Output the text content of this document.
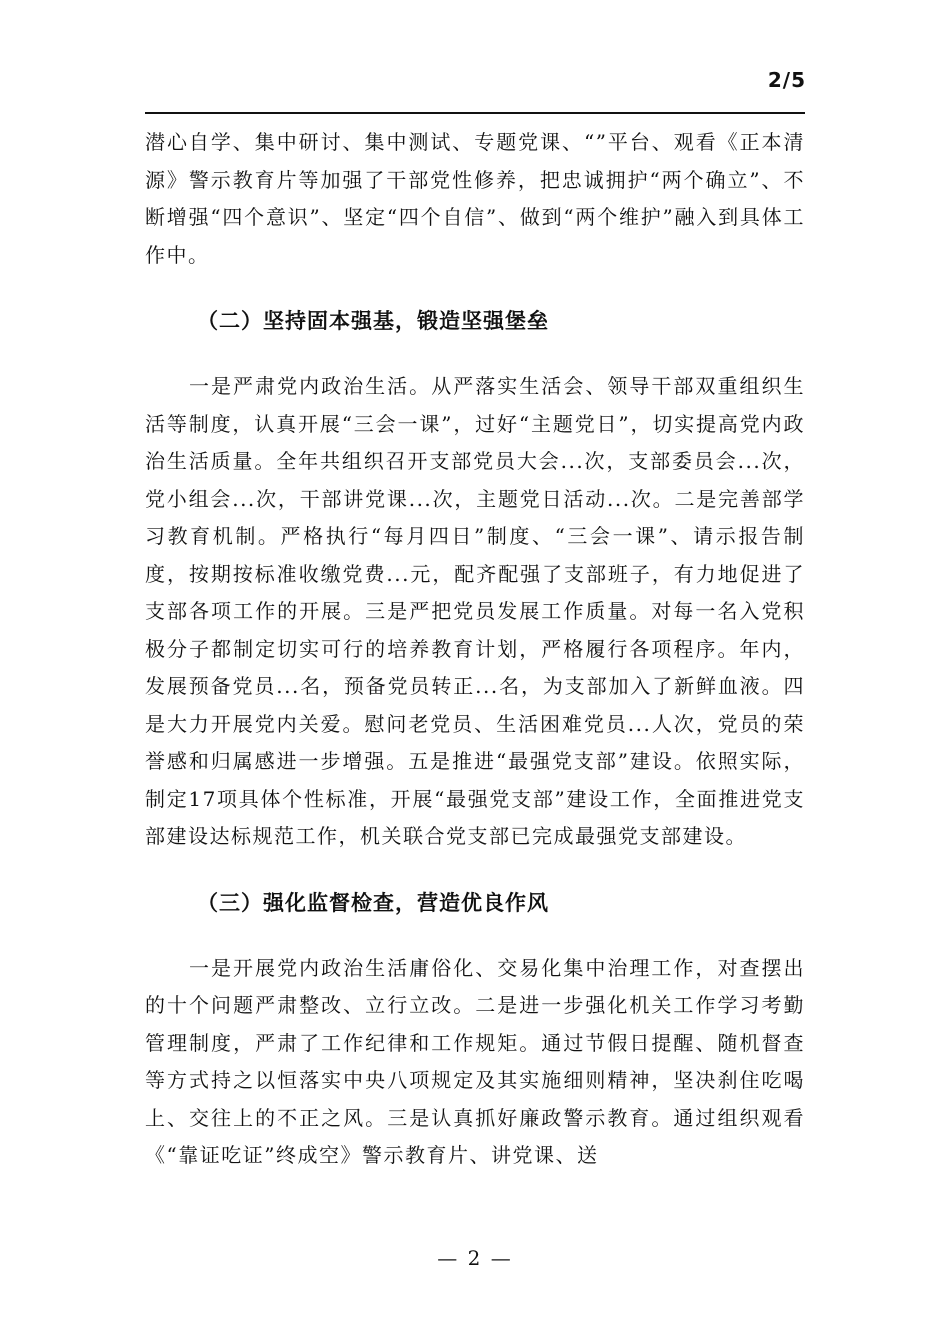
2/5

潜心自学、集中研讨、集中测试、专题党课、“”平台、观看《正本清源》警示教育片等加强了干部党性修养，把忠诚拥护“两个确立”、不断增强“四个意识”、坚定“四个自信”、做到“两个维护”融入到具体工作中。

（二）坚持固本强基，锻造坚强堡垒

一是严肃党内政治生活。从严落实生活会、领导干部双重组织生活等制度，认真开展“三会一课”，过好“主题党日”，切实提高党内政治生活质量。全年共组织召开支部党员大会...次，支部委员会...次，党小组会...次，干部讲党课...次，主题党日活动...次。二是完善部学习教育机制。严格执行“每月四日”制度、“三会一课”、请示报告制度，按期按标准收缴党费...元，配齐配强了支部班子，有力地促进了支部各项工作的开展。三是严把党员发展工作质量。对每一名入党积极分子都制定切实可行的培养教育计划，严格履行各项程序。年内，发展预备党员...名，预备党员转正...名，为支部加入了新鲜血液。四是大力开展党内关爱。慰问老党员、生活困难党员...人次，党员的荣誉感和归属感进一步增强。五是推进“最强党支部”建设。依照实际，制定17项具体个性标准，开展“最强党支部”建设工作，全面推进党支部建设达标规范工作，机关联合党支部已完成最强党支部建设。

（三）强化监督检查，营造优良作风

一是开展党内政治生活庸俗化、交易化集中治理工作，对查摆出的十个问题严肃整改、立行立改。二是进一步强化机关工作学习考勤管理制度，严肃了工作纪律和工作规矩。通过节假日提醒、随机督查等方式持之以恒落实中央八项规定及其实施细则精神，坚决刹住吃喝上、交往上的不正之风。三是认真抓好廉政警示教育。通过组织观看《“靠证吃证”终成空》警示教育片、讲党课、送

— 2 —
